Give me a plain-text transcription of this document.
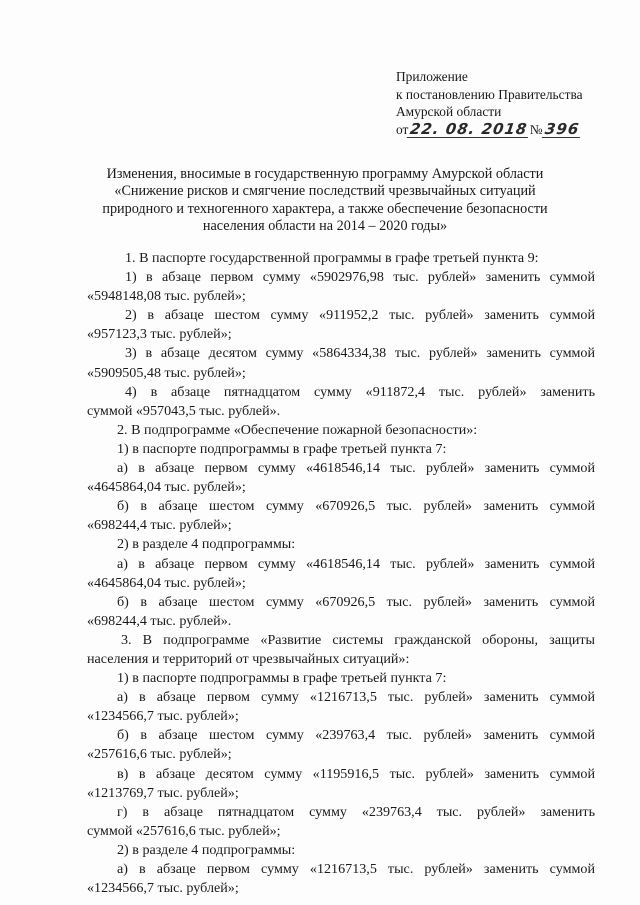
Приложение
к постановлению Правительства
Амурской области
от 22. 08. 2018 № 396
Изменения, вносимые в государственную программу Амурской области
«Снижение рисков и смягчение последствий чрезвычайных ситуаций
природного и техногенного характера, а также обеспечение безопасности
населения области на 2014 – 2020 годы»
1. В паспорте государственной программы в графе третьей пункта 9:
1) в абзаце первом сумму «5902976,98 тыс. рублей» заменить суммой
«5948148,08 тыс. рублей»;
2) в абзаце шестом сумму «911952,2 тыс. рублей» заменить суммой
«957123,3 тыс. рублей»;
3) в абзаце десятом сумму «5864334,38 тыс. рублей» заменить суммой
«5909505,48 тыс. рублей»;
4) в абзаце пятнадцатом сумму «911872,4 тыс. рублей» заменить
суммой «957043,5 тыс. рублей».
2. В подпрограмме «Обеспечение пожарной безопасности»:
1) в паспорте подпрограммы в графе третьей пункта 7:
а) в абзаце первом сумму «4618546,14 тыс. рублей» заменить суммой
«4645864,04 тыс. рублей»;
б) в абзаце шестом сумму «670926,5 тыс. рублей» заменить суммой
«698244,4 тыс. рублей»;
2) в разделе 4 подпрограммы:
а) в абзаце первом сумму «4618546,14 тыс. рублей» заменить суммой
«4645864,04 тыс. рублей»;
б) в абзаце шестом сумму «670926,5 тыс. рублей» заменить суммой
«698244,4 тыс. рублей».
3. В подпрограмме «Развитие системы гражданской обороны, защиты
населения и территорий от чрезвычайных ситуаций»:
1) в паспорте подпрограммы в графе третьей пункта 7:
а) в абзаце первом сумму «1216713,5 тыс. рублей» заменить суммой
«1234566,7 тыс. рублей»;
б) в абзаце шестом сумму «239763,4 тыс. рублей» заменить суммой
«257616,6 тыс. рублей»;
в) в абзаце десятом сумму «1195916,5 тыс. рублей» заменить суммой
«1213769,7 тыс. рублей»;
г) в абзаце пятнадцатом сумму «239763,4 тыс. рублей» заменить
суммой «257616,6 тыс. рублей»;
2) в разделе 4 подпрограммы:
а) в абзаце первом сумму «1216713,5 тыс. рублей» заменить суммой
«1234566,7 тыс. рублей»;
